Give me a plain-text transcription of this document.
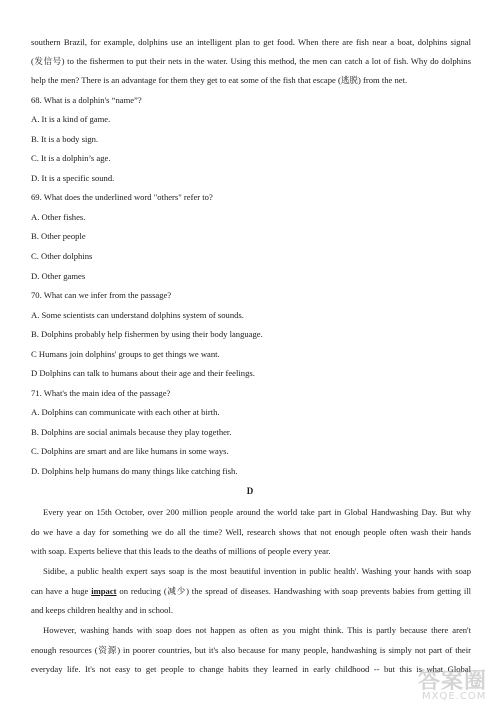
southern Brazil, for example, dolphins use an intelligent plan to get food. When there are fish near a boat, dolphins signal
(发信号) to the fishermen to put their nets in the water. Using this method, the men can catch a lot of fish. Why do dolphins
help the men? There is an advantage for them they get to eat some of the fish that escape (逃脱) from the net.
68. What is a dolphin's “name”?
A. It is a kind of game.
B. It is a body sign.
C. It is a dolphin’s age.
D. It is a specific sound.
69. What does the underlined word "others" refer to?
A. Other fishes.
B. Other people
C. Other dolphins
D. Other games
70. What can we infer from the passage?
A. Some scientists can understand dolphins system of sounds.
B. Dolphins probably help fishermen by using their body language.
C Humans join dolphins' groups to get things we want.
D Dolphins can talk to humans about their age and their feelings.
71. What's the main idea of the passage?
A. Dolphins can communicate with each other at birth.
B. Dolphins are social animals because they play together.
C. Dolphins are smart and are like humans in some ways.
D. Dolphins help humans do many things like catching fish.
D
Every year on 15th October, over 200 million people around the world take part in Global Handwashing Day. But why
do we have a day for something we do all the time? Well, research shows that not enough people often wash their hands
with soap. Experts believe that this leads to the deaths of millions of people every year.
Sidibe, a public health expert says soap is the most beautiful invention in public health'. Washing your hands with soap
can have a huge impact on reducing (减少) the spread of diseases. Handwashing with soap prevents babies from getting ill
and keeps children healthy and in school.
However, washing hands with soap does not happen as often as you might think. This is partly because there aren't
enough resources (资源) in poorer countries, but it's also because for many people, handwashing is simply not part of their
everyday life. It's not easy to get people to change habits they learned in early childhood -- but this is what Global
答案圈
MXQE.COM
